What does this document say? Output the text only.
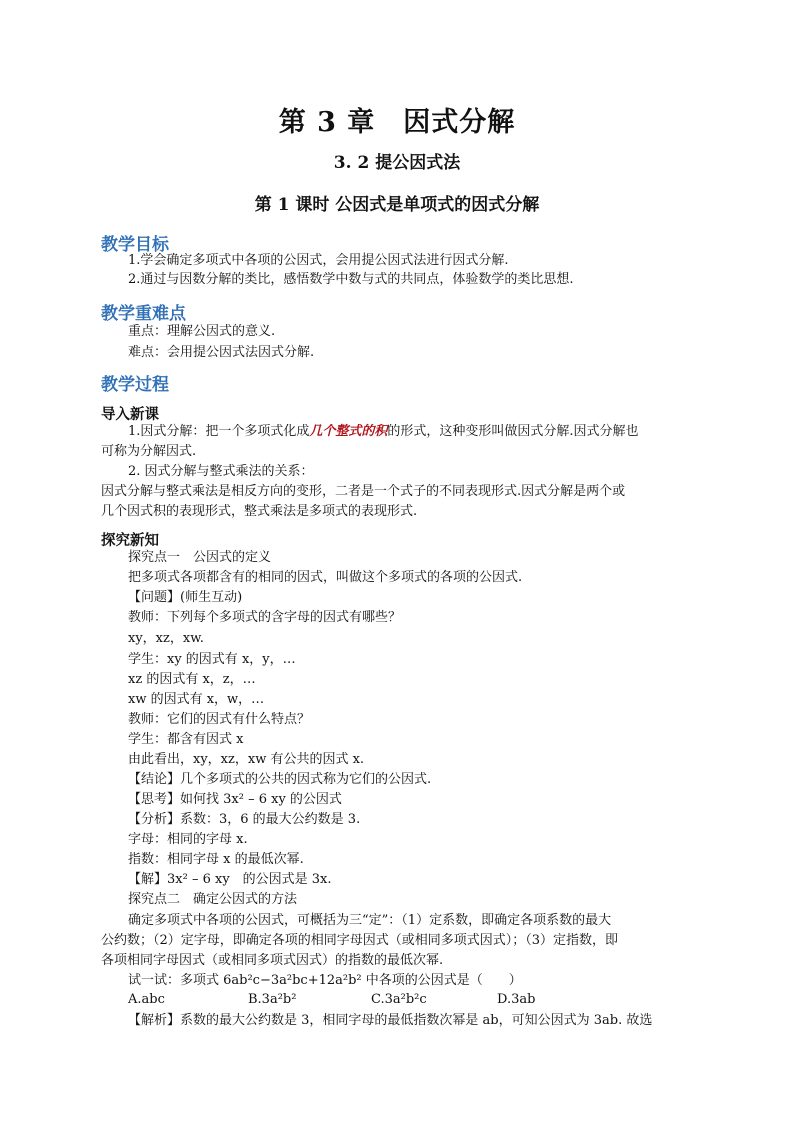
第 3 章　因式分解
3. 2 提公因式法
第 1 课时 公因式是单项式的因式分解
教学目标
1.学会确定多项式中各项的公因式，会用提公因式法进行因式分解.
2.通过与因数分解的类比，感悟数学中数与式的共同点，体验数学的类比思想.
教学重难点
重点：理解公因式的意义.
难点：会用提公因式法因式分解.
教学过程
导入新课
1.因式分解：把一个多项式化成几个整式的积的形式，这种变形叫做因式分解.因式分解也
可称为分解因式.
2. 因式分解与整式乘法的关系：
因式分解与整式乘法是相反方向的变形，二者是一个式子的不同表现形式.因式分解是两个或
几个因式积的表现形式，整式乘法是多项式的表现形式.
探究新知
探究点一　公因式的定义
把多项式各项都含有的相同的因式，叫做这个多项式的各项的公因式.
【问题】(师生互动)
教师：下列每个多项式的含字母的因式有哪些？
xy，xz，xw.
学生：xy 的因式有 x，y，…
xz 的因式有 x，z，…
xw 的因式有 x，w，…
教师：它们的因式有什么特点？
学生：都含有因式 x
由此看出，xy，xz，xw 有公共的因式 x.
【结论】几个多项式的公共的因式称为它们的公因式.
【思考】如何找 3x² – 6 xy 的公因式
【分析】系数：3，6 的最大公约数是 3.
字母：相同的字母 x.
指数：相同字母 x 的最低次幂.
【解】3x² – 6 xy　的公因式是 3x.
探究点二　确定公因式的方法
确定多项式中各项的公因式，可概括为三“定”：（1）定系数，即确定各项系数的最大
公约数；（2）定字母，即确定各项的相同字母因式（或相同多项式因式）；（3）定指数，即
各项相同字母因式（或相同多项式因式）的指数的最低次幂.
试一试：多项式 6ab²c−3a²bc+12a²b² 中各项的公因式是（　　）
A.abc	B.3a²b²	C.3a²b²c	D.3ab
【解析】系数的最大公约数是 3，相同字母的最低指数次幂是 ab，可知公因式为 3ab. 故选
